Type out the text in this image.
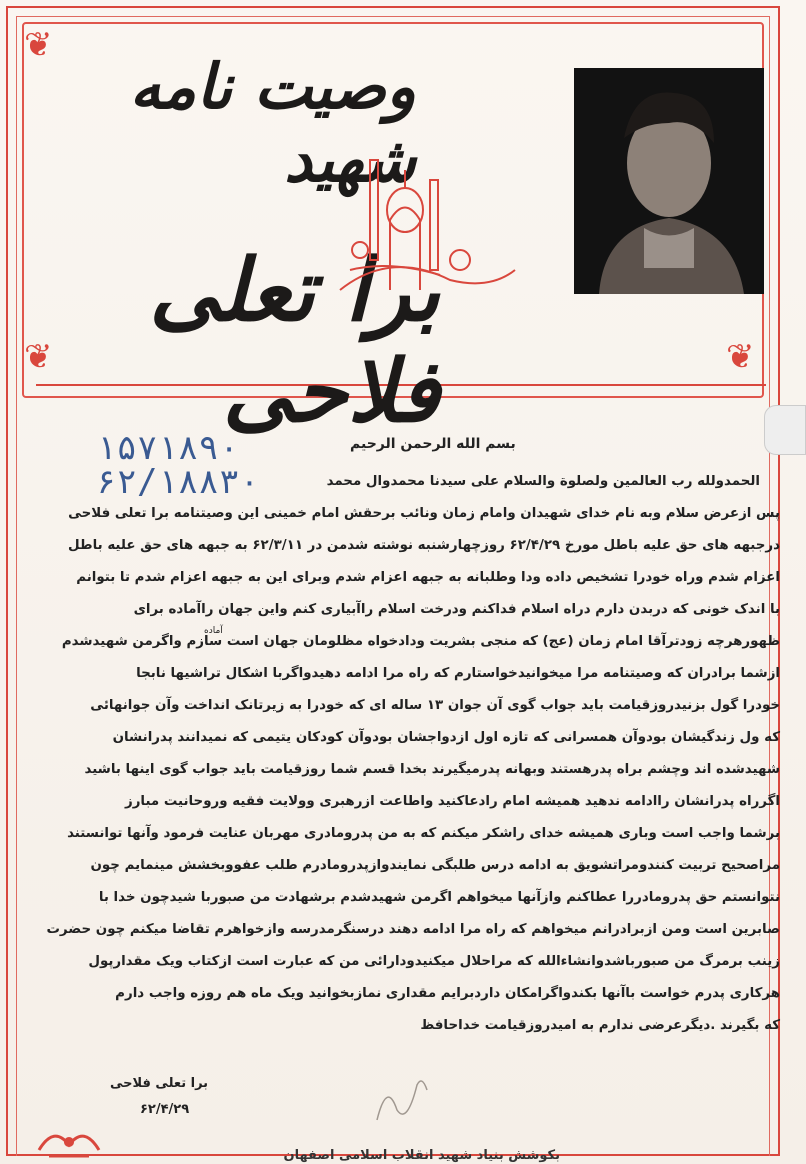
❦
❦	❦
وصیت نامه شهید
برا تعلی فلاحی
۱۵۷۱۸۹۰
۶۲/۱۸۸۳۰
بسم الله الرحمن الرحیم
آماده
الحمدولله رب العالمین ولصلوة والسلام علی سیدنا محمدوال محمد
پس ازعرض سلام وبه نام خدای شهیدان وامام زمان ونائب برحقش امام خمینی این وصیتنامه برا تعلی فلاحی
درجبهه های حق علیه باطل مورخ ۶۲/۴/۲۹ روزچهارشنبه نوشته شدمن در ۶۲/۳/۱۱ به جبهه های حق علیه باطل
اعزام شدم وراه خودرا تشخیص داده ودا وطلبانه به جبهه اعزام شدم وبرای این به جبهه اعزام شدم تا بتوانم
با اندک خونی که دربدن دارم دراه اسلام فداکنم ودرخت اسلام راآبیاری کنم واین جهان راآماده برای
ظهورهرچه زودترآقا امام زمان (عج) که منجی بشریت ودادخواه مظلومان جهان است سازم واگرمن شهیدشدم
ازشما برادران که وصیتنامه مرا میخوانیدخواستارم که راه مرا ادامه دهیدواگربا اشکال تراشیها نابجا
خودرا گول بزنیدروزقیامت باید جواب گوی آن جوان ۱۳ ساله ای که خودرا به زیرتانک انداخت وآن جوانهائی
که ول زندگیشان بودوآن همسرانی که تازه اول ازدواجشان بودوآن کودکان یتیمی که نمیدانند پدرانشان
شهیدشده اند وچشم براه پدرهستند وبهانه پدرمیگیرند بخدا قسم شما روزقیامت باید جواب گوی اینها باشید
اگرراه پدرانشان راادامه ندهید همیشه امام رادعاکنید واطاعت ازرهبری وولایت فقیه وروحانیت مبارز
برشما واجب است وباری همیشه خدای راشکر میکنم که به من پدرومادری مهربان عنایت فرمود وآنها توانستند
مراصحیح تربیت کنندومراتشویق به ادامه درس طلبگی نمایندوازپدرومادرم طلب عفووبخشش مینمایم چون
نتوانستم حق پدرومادررا عطاکنم وازآنها میخواهم اگرمن شهیدشدم برشهادت من صبوربا شیدچون خدا با
صابرین است ومن ازبرادرانم میخواهم که راه مرا ادامه دهند درسنگرمدرسه وازخواهرم تقاضا میکنم چون حضرت
زینب برمرگ من صبورباشدوانشاءالله که مراحلال میکنیدودارائی من که عبارت است ازکتاب ویک مقدارپول
هرکاری پدرم خواست باآنها بکندواگرامکان داردبرایم مقداری نمازبخوانید ویک ماه هم روزه واجب دارم
که بگیرند .دیگرعرضی ندارم به امیدروزقیامت خداحافظ
برا تعلی فلاحی
۶۲/۴/۲۹
بکوشش بنیاد شهید انقلاب اسلامی اصفهان
